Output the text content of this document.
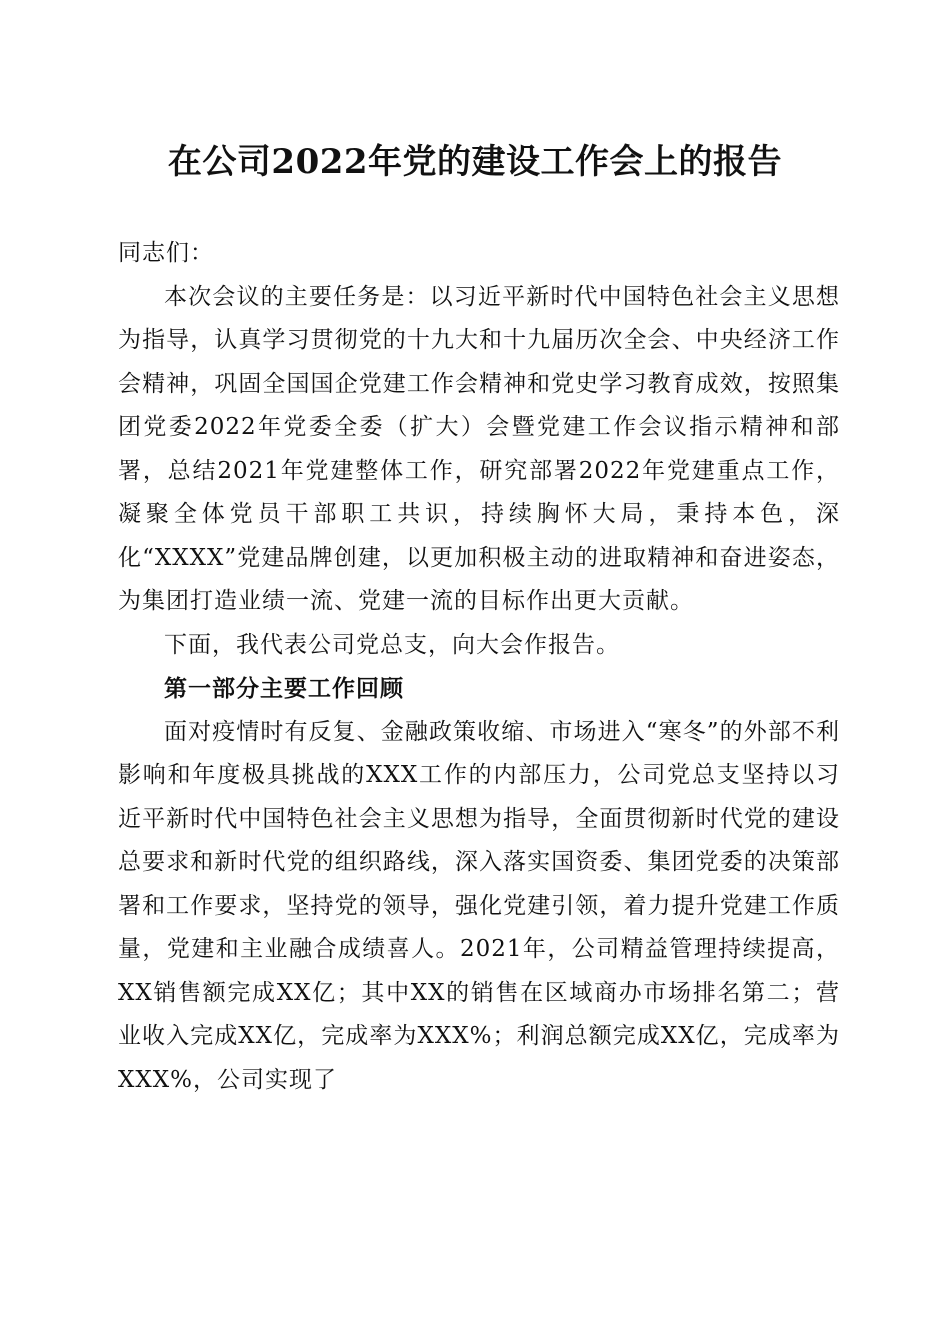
在公司2022年党的建设工作会上的报告

同志们：

本次会议的主要任务是：以习近平新时代中国特色社会主义思想为指导，认真学习贯彻党的十九大和十九届历次全会、中央经济工作会精神，巩固全国国企党建工作会精神和党史学习教育成效，按照集团党委2022年党委全委（扩大）会暨党建工作会议指示精神和部署，总结2021年党建整体工作，研究部署2022年党建重点工作，凝聚全体党员干部职工共识，持续胸怀大局，秉持本色，深化“XXXX”党建品牌创建，以更加积极主动的进取精神和奋进姿态，为集团打造业绩一流、党建一流的目标作出更大贡献。

下面，我代表公司党总支，向大会作报告。

第一部分主要工作回顾

面对疫情时有反复、金融政策收缩、市场进入“寒冬”的外部不利影响和年度极具挑战的XXX工作的内部压力，公司党总支坚持以习近平新时代中国特色社会主义思想为指导，全面贯彻新时代党的建设总要求和新时代党的组织路线，深入落实国资委、集团党委的决策部署和工作要求，坚持党的领导，强化党建引领，着力提升党建工作质量，党建和主业融合成绩喜人。2021年，公司精益管理持续提高，XX销售额完成XX亿；其中XX的销售在区域商办市场排名第二；营业收入完成XX亿，完成率为XXX%；利润总额完成XX亿，完成率为XXX%，公司实现了
